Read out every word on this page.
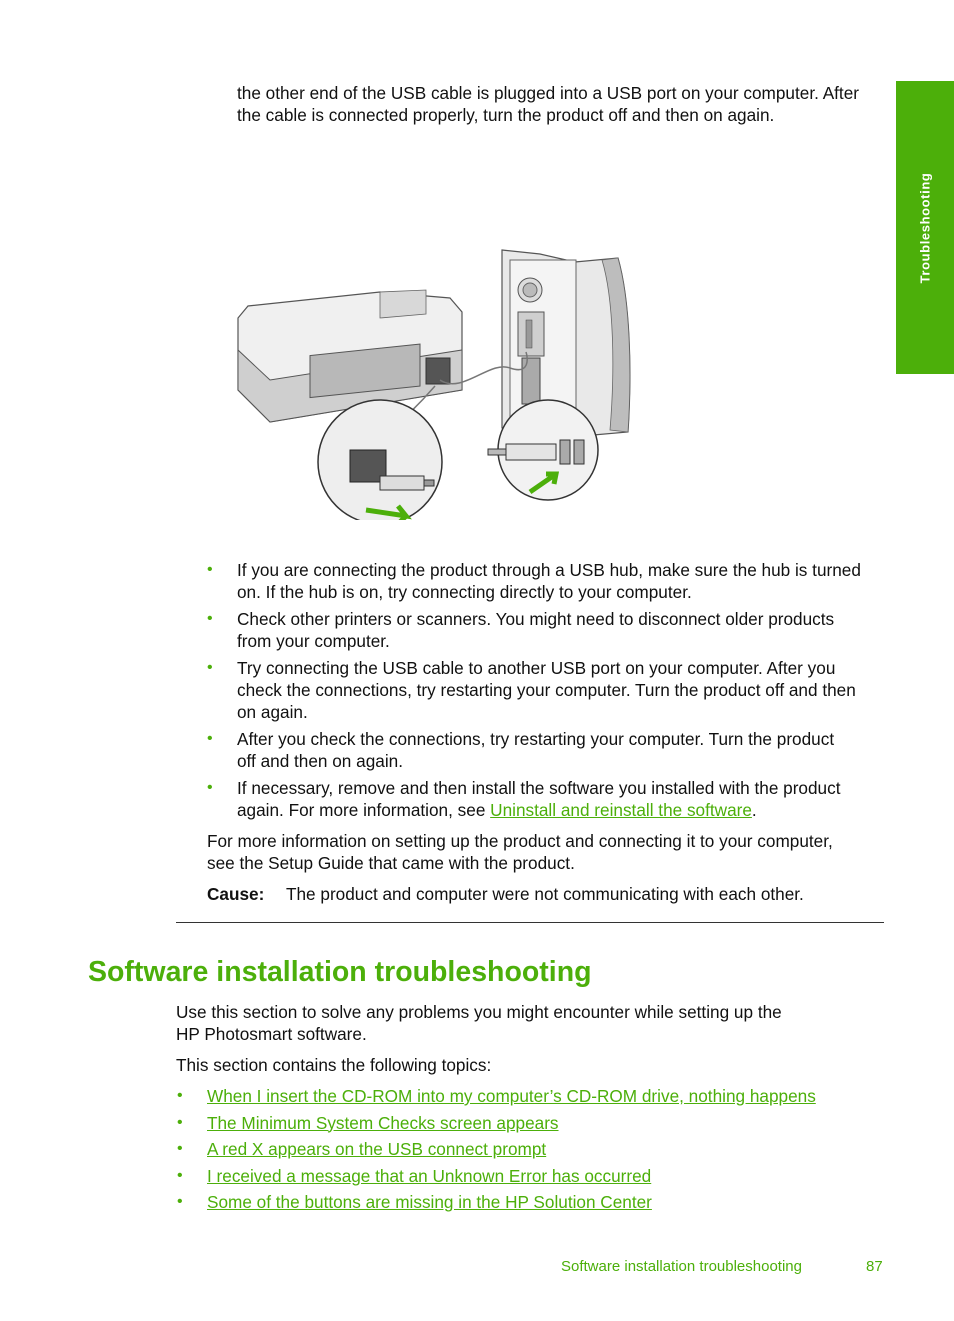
Troubleshooting

the other end of the USB cable is plugged into a USB port on your computer. After

the cable is connected properly, turn the product off and then on again.

• If you are connecting the product through a USB hub, make sure the hub is turned
on. If the hub is on, try connecting directly to your computer.
• Check other printers or scanners. You might need to disconnect older products
from your computer.
• Try connecting the USB cable to another USB port on your computer. After you
check the connections, try restarting your computer. Turn the product off and then
on again.
• After you check the connections, try restarting your computer. Turn the product
off and then on again.
• If necessary, remove and then install the software you installed with the product
again. For more information, see Uninstall and reinstall the software.

For more information on setting up the product and connecting it to your computer,

see the Setup Guide that came with the product.

Cause: The product and computer were not communicating with each other.

Software installation troubleshooting

Use this section to solve any problems you might encounter while setting up the

HP Photosmart software.

This section contains the following topics:

• When I insert the CD-ROM into my computer’s CD-ROM drive, nothing happens
• The Minimum System Checks screen appears
• A red X appears on the USB connect prompt
• I received a message that an Unknown Error has occurred
• Some of the buttons are missing in the HP Solution Center
Software installation troubleshooting	87
